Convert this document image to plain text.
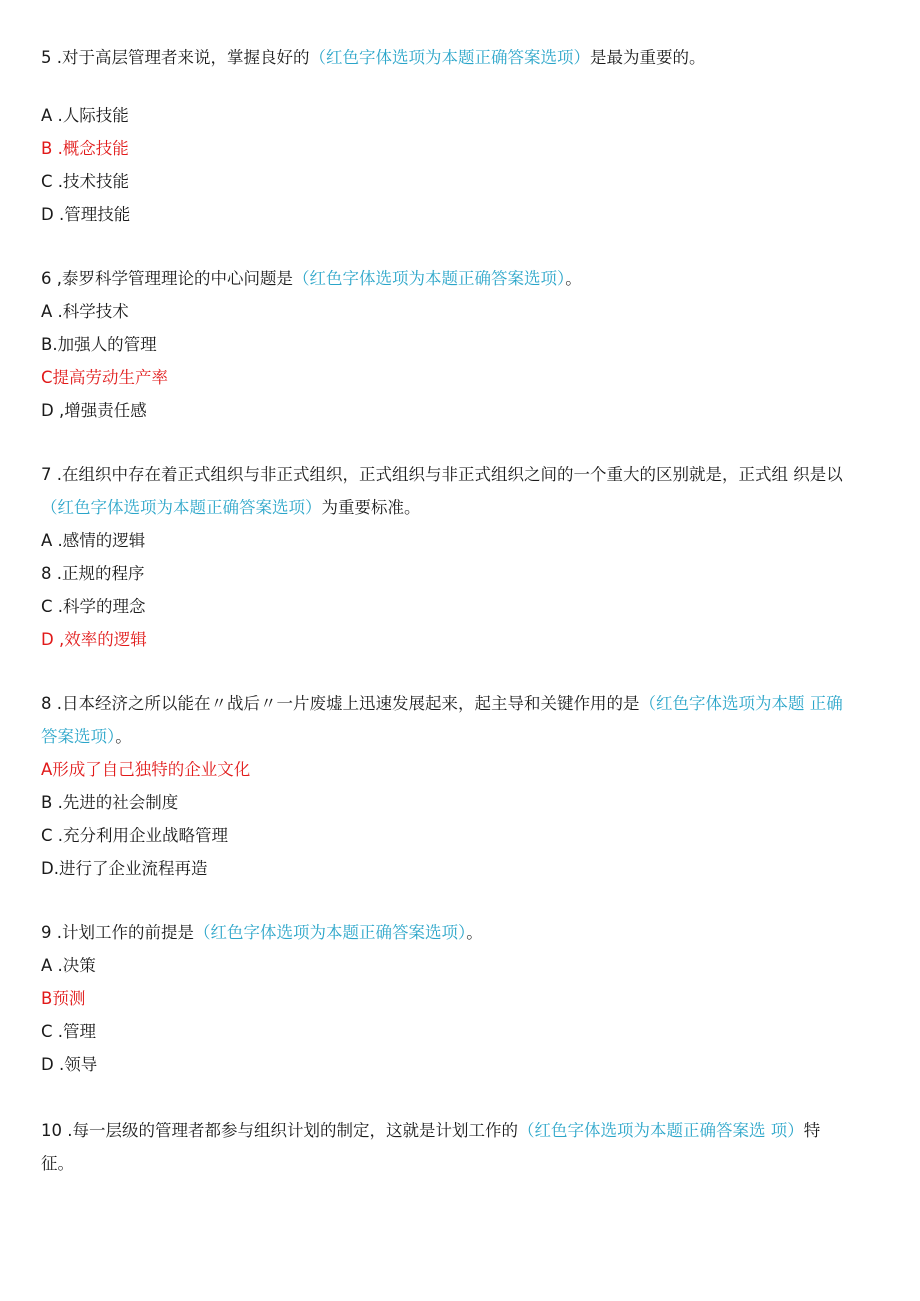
5 .对于高层管理者来说，掌握良好的（红色字体选项为本题正确答案选项）是最为重要的。
A .人际技能
B .概念技能
C .技术技能
D .管理技能
6 ,泰罗科学管理理论的中心问题是（红色字体选项为本题正确答案选项）。
A .科学技术
B.加强人的管理
C提高劳动生产率
D ,增强责任感
7 .在组织中存在着正式组织与非正式组织，正式组织与非正式组织之间的一个重大的区别就是，正式组 织是以
（红色字体选项为本题正确答案选项）为重要标准。
A .感情的逻辑
8 .正规的程序
C .科学的理念
D ,效率的逻辑
8 .日本经济之所以能在〃战后〃一片废墟上迅速发展起来，起主导和关键作用的是（红色字体选项为本题 正确
答案选项）。
A形成了自己独特的企业文化
B .先进的社会制度
C .充分利用企业战略管理
D.进行了企业流程再造
9 .计划工作的前提是（红色字体选项为本题正确答案选项）。
A .决策
B预测
C .管理
D .领导
10 .每一层级的管理者都参与组织计划的制定，这就是计划工作的（红色字体选项为本题正确答案选 项）特
征。
